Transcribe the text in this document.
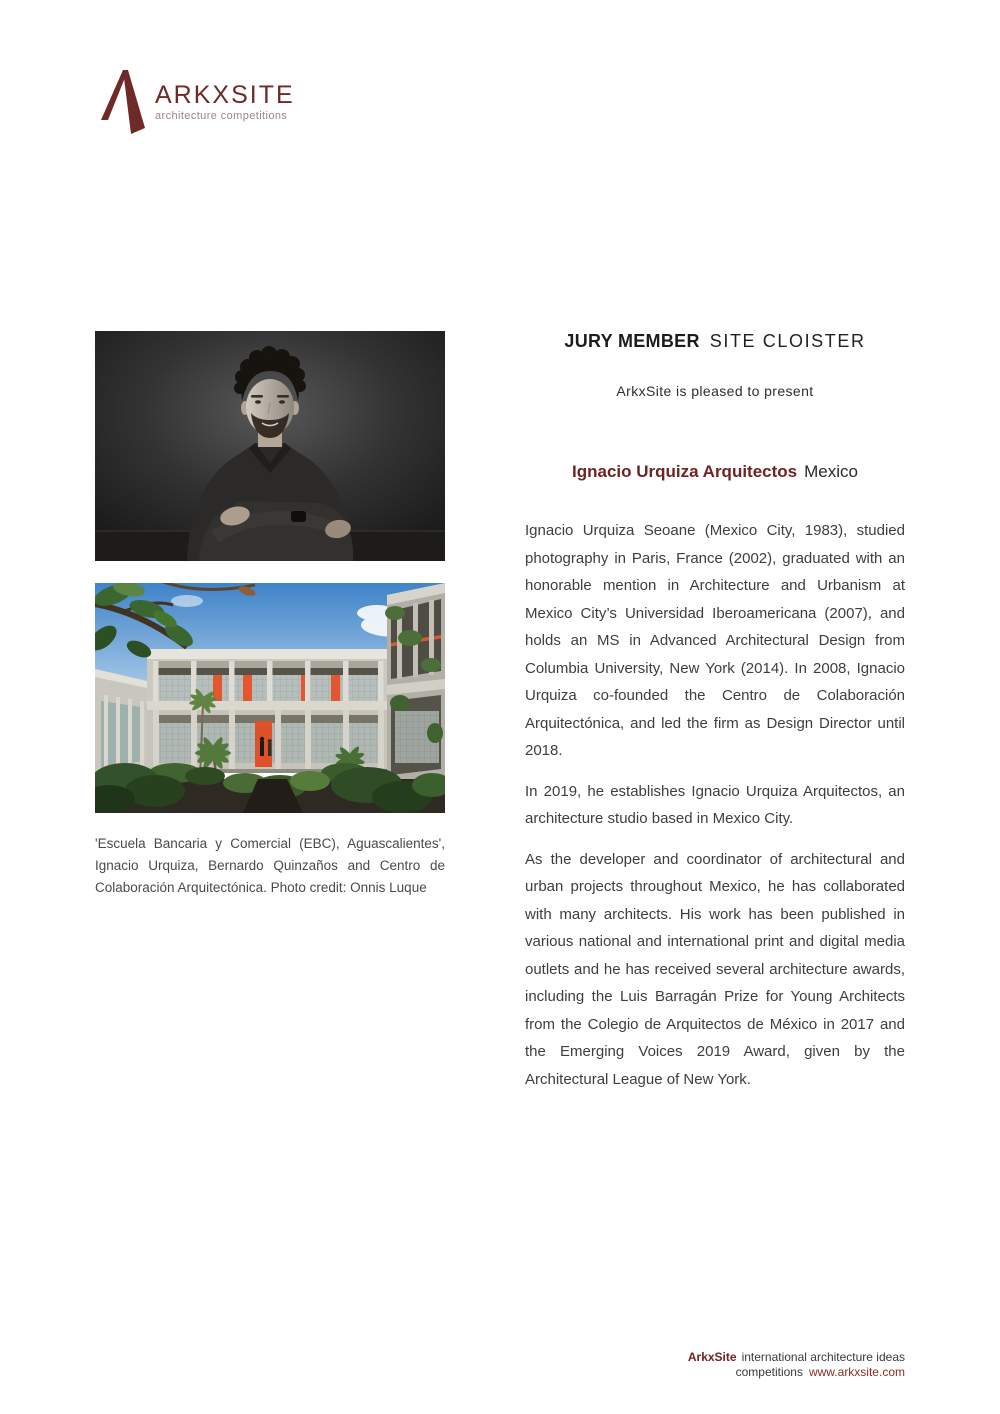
ARKXSITE
architecture competitions
'Escuela Bancaria y Comercial (EBC), Aguascalientes', Ignacio Urquiza, Bernardo Quinzaños and Centro de Colaboración Arquitectónica. Photo credit: Onnis Luque
JURY MEMBER SITE CLOISTER
ArkxSite is pleased to present
Ignacio Urquiza Arquitectos Mexico

Ignacio Urquiza Seoane (Mexico City, 1983), studied photography in Paris, France (2002), graduated with an honorable mention in Architecture and Urbanism at Mexico City’s Universidad Iberoamericana (2007), and holds an MS in Advanced Architectural Design from Columbia University, New York (2014). In 2008, Ignacio Urquiza co-founded the Centro de Colaboración Arquitectónica, and led the firm as Design Director until 2018.

In 2019, he establishes Ignacio Urquiza Arquitectos, an architecture studio based in Mexico City.

As the developer and coordinator of architectural and urban projects throughout Mexico, he has collaborated with many architects. His work has been published in various national and international print and digital media outlets and he has received several architecture awards, including the Luis Barragán Prize for Young Architects from the Colegio de Arquitectos de México in 2017 and the Emerging Voices 2019 Award, given by the Architectural League of New York.

ArkxSite international architecture ideas competitions www.arkxsite.com
